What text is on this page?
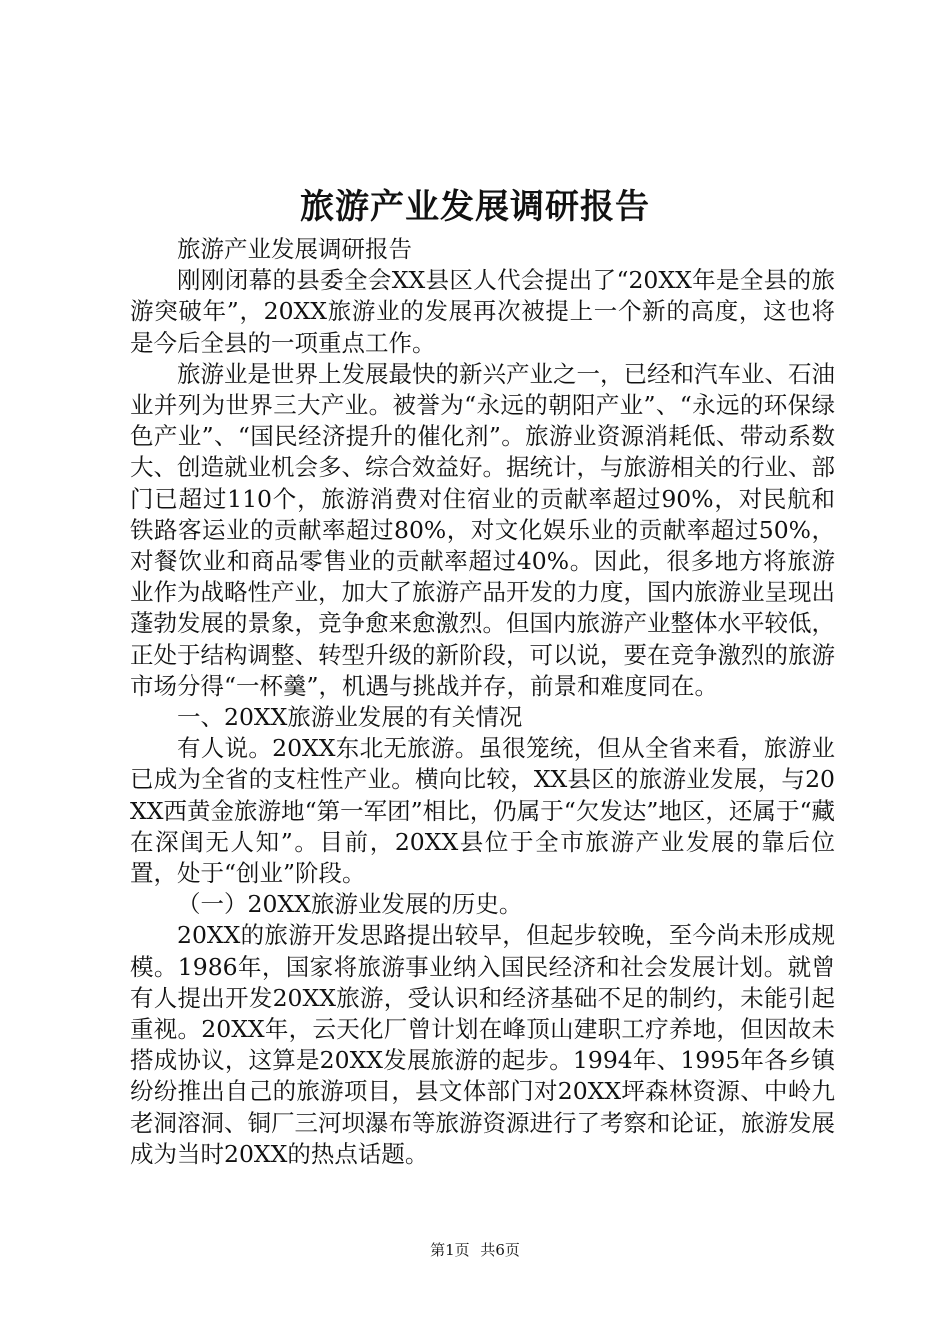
旅游产业发展调研报告

旅游产业发展调研报告

刚刚闭幕的县委全会XX县区人代会提出了“20XX年是全县的旅游突破年”，20XX旅游业的发展再次被提上一个新的高度，这也将是今后全县的一项重点工作。

旅游业是世界上发展最快的新兴产业之一，已经和汽车业、石油业并列为世界三大产业。被誉为“永远的朝阳产业”、“永远的环保绿色产业”、“国民经济提升的催化剂”。旅游业资源消耗低、带动系数大、创造就业机会多、综合效益好。据统计，与旅游相关的行业、部门已超过110个，旅游消费对住宿业的贡献率超过90%，对民航和铁路客运业的贡献率超过80%，对文化娱乐业的贡献率超过50%，对餐饮业和商品零售业的贡献率超过40%。因此，很多地方将旅游业作为战略性产业，加大了旅游产品开发的力度，国内旅游业呈现出蓬勃发展的景象，竞争愈来愈激烈。但国内旅游产业整体水平较低，正处于结构调整、转型升级的新阶段，可以说，要在竞争激烈的旅游市场分得“一杯羹”，机遇与挑战并存，前景和难度同在。

一、20XX旅游业发展的有关情况

有人说。20XX东北无旅游。虽很笼统，但从全省来看，旅游业已成为全省的支柱性产业。横向比较，XX县区的旅游业发展，与20XX西黄金旅游地“第一军团”相比，仍属于“欠发达”地区，还属于“藏在深闺无人知”。目前，20XX县位于全市旅游产业发展的靠后位置，处于“创业”阶段。

（一）20XX旅游业发展的历史。

20XX的旅游开发思路提出较早，但起步较晚，至今尚未形成规模。1986年，国家将旅游事业纳入国民经济和社会发展计划。就曾有人提出开发20XX旅游，受认识和经济基础不足的制约，未能引起重视。20XX年，云天化厂曾计划在峰顶山建职工疗养地，但因故未搭成协议，这算是20XX发展旅游的起步。1994年、1995年各乡镇纷纷推出自己的旅游项目，县文体部门对20XX坪森林资源、中岭九老洞溶洞、铜厂三河坝瀑布等旅游资源进行了考察和论证，旅游发展成为当时20XX的热点话题。

第1页 共6页
